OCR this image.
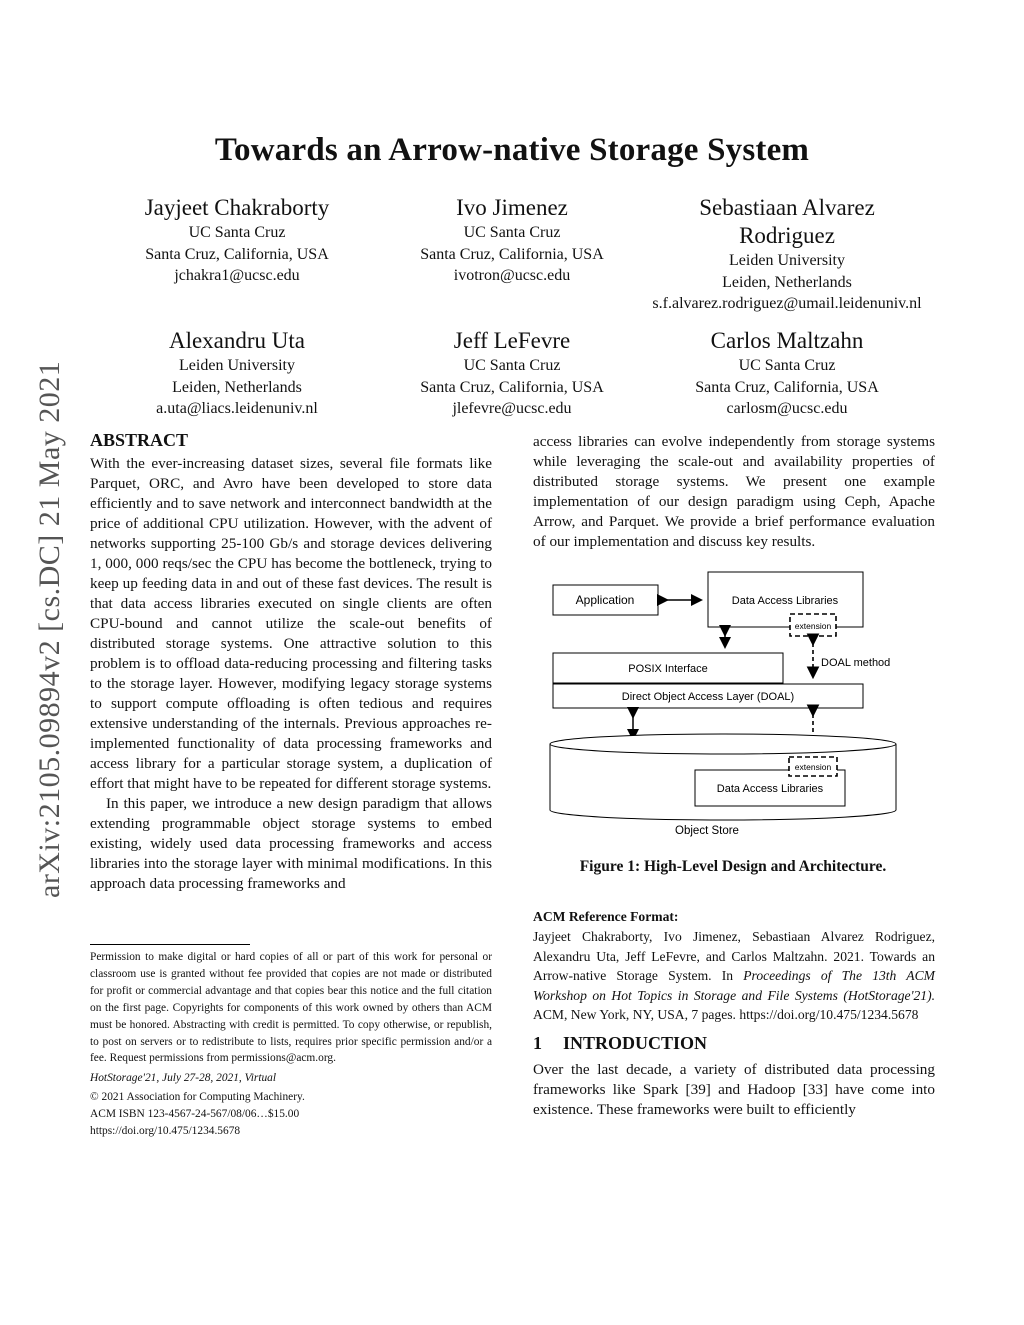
arXiv:2105.09894v2 [cs.DC] 21 May 2021
Towards an Arrow-native Storage System
Jayjeet Chakraborty
UC Santa Cruz
Santa Cruz, California, USA
jchakra1@ucsc.edu
Ivo Jimenez
UC Santa Cruz
Santa Cruz, California, USA
ivotron@ucsc.edu
Sebastiaan Alvarez
Rodriguez
Leiden University
Leiden, Netherlands
s.f.alvarez.rodriguez@umail.leidenuniv.nl
Alexandru Uta
Leiden University
Leiden, Netherlands
a.uta@liacs.leidenuniv.nl
Jeff LeFevre
UC Santa Cruz
Santa Cruz, California, USA
jlefevre@ucsc.edu
Carlos Maltzahn
UC Santa Cruz
Santa Cruz, California, USA
carlosm@ucsc.edu
ABSTRACT

With the ever-increasing dataset sizes, several file formats like Parquet, ORC, and Avro have been developed to store data efficiently and to save network and interconnect bandwidth at the price of additional CPU utilization. However, with the advent of networks supporting 25-100 Gb/s and storage devices delivering 1, 000, 000 reqs/sec the CPU has become the bottleneck, trying to keep up feeding data in and out of these fast devices. The result is that data access libraries executed on single clients are often CPU-bound and cannot utilize the scale-out benefits of distributed storage systems. One attractive solution to this problem is to offload data-reducing processing and filtering tasks to the storage layer. However, modifying legacy storage systems to support compute offloading is often tedious and requires extensive understanding of the internals. Previous approaches re-implemented functionality of data processing frameworks and access library for a particular storage system, a duplication of effort that might have to be repeated for different storage systems.

In this paper, we introduce a new design paradigm that allows extending programmable object storage systems to embed existing, widely used data processing frameworks and access libraries into the storage layer with minimal modifications. In this approach data processing frameworks and

Permission to make digital or hard copies of all or part of this work for personal or classroom use is granted without fee provided that copies are not made or distributed for profit or commercial advantage and that copies bear this notice and the full citation on the first page. Copyrights for components of this work owned by others than ACM must be honored. Abstracting with credit is permitted. To copy otherwise, or republish, to post on servers or to redistribute to lists, requires prior specific permission and/or a fee. Request permissions from permissions@acm.org.
HotStorage'21, July 27-28, 2021, Virtual
© 2021 Association for Computing Machinery.
ACM ISBN 123-4567-24-567/08/06…$15.00
https://doi.org/10.475/1234.5678

access libraries can evolve independently from storage systems while leveraging the scale-out and availability properties of distributed storage systems. We present one example implementation of our design paradigm using Ceph, Apache Arrow, and Parquet. We provide a brief performance evaluation of our implementation and discuss key results.

Application	Data Access Libraries
extension
DOAL method
POSIX Interface
Direct Object Access Layer (DOAL)
Data Access Libraries
extension
Object Store
Figure 1: High-Level Design and Architecture.
ACM Reference Format:
Jayjeet Chakraborty, Ivo Jimenez, Sebastiaan Alvarez Rodriguez, Alexandru Uta, Jeff LeFevre, and Carlos Maltzahn. 2021. Towards an Arrow-native Storage System. In Proceedings of The 13th ACM Workshop on Hot Topics in Storage and File Systems (HotStorage'21). ACM, New York, NY, USA, 7 pages. https://doi.org/10.475/1234.5678
1 INTRODUCTION

Over the last decade, a variety of distributed data processing frameworks like Spark [39] and Hadoop [33] have come into existence. These frameworks were built to efficiently
